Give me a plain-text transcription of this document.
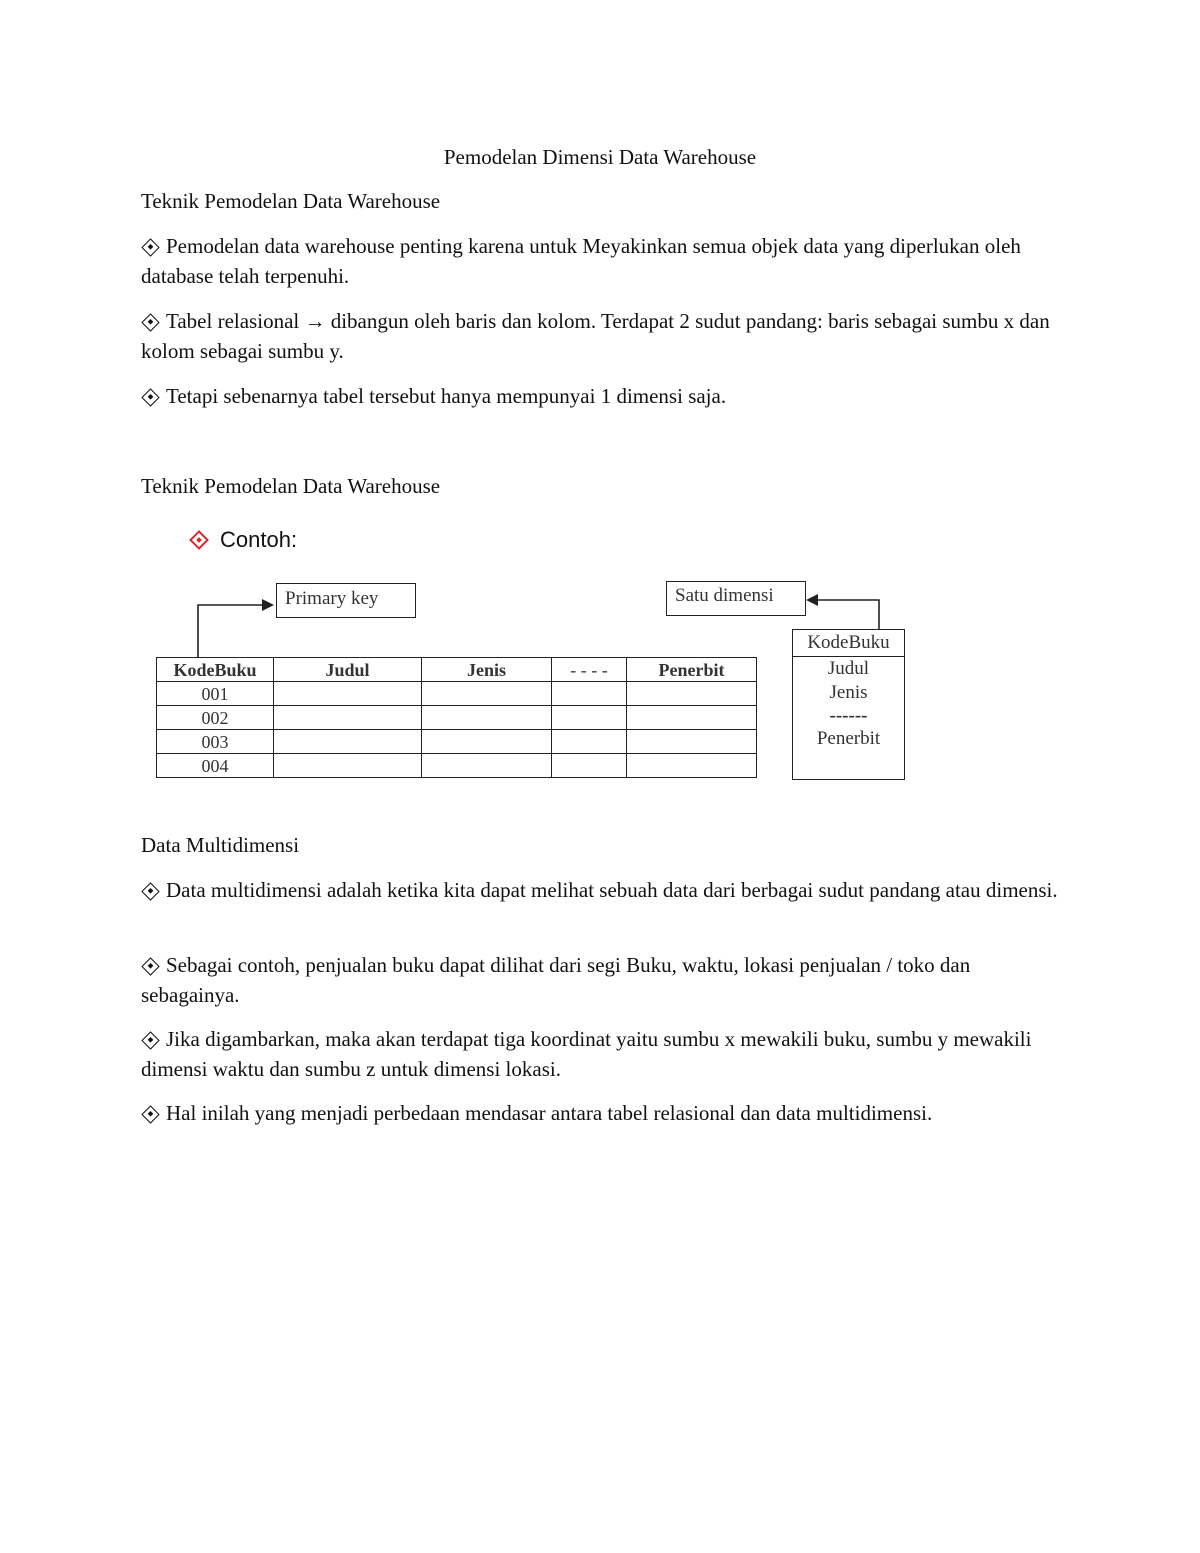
Pemodelan Dimensi Data Warehouse
Teknik Pemodelan Data Warehouse
Pemodelan data warehouse penting karena untuk Meyakinkan semua objek data yang diperlukan oleh database telah terpenuhi.
Tabel relasional → dibangun oleh baris dan kolom. Terdapat 2 sudut pandang: baris sebagai sumbu x dan kolom sebagai sumbu y.
Tetapi sebenarnya tabel tersebut hanya mempunyai 1 dimensi saja.
Teknik Pemodelan Data Warehouse
Contoh:
Primary key	Satu dimensi
KodeBuku	Judul	Jenis	- - - -	Penerbit
001				
002				
003				
004				
KodeBuku
Judul
Jenis
------
Penerbit
Data Multidimensi
Data multidimensi adalah ketika kita dapat melihat sebuah data dari berbagai sudut pandang atau dimensi.
Sebagai contoh, penjualan buku dapat dilihat dari segi Buku, waktu, lokasi penjualan / toko dan sebagainya.
Jika digambarkan, maka akan terdapat tiga koordinat yaitu sumbu x mewakili buku, sumbu y mewakili dimensi waktu dan sumbu z untuk dimensi lokasi.
Hal inilah yang menjadi perbedaan mendasar antara tabel relasional dan data multidimensi.
